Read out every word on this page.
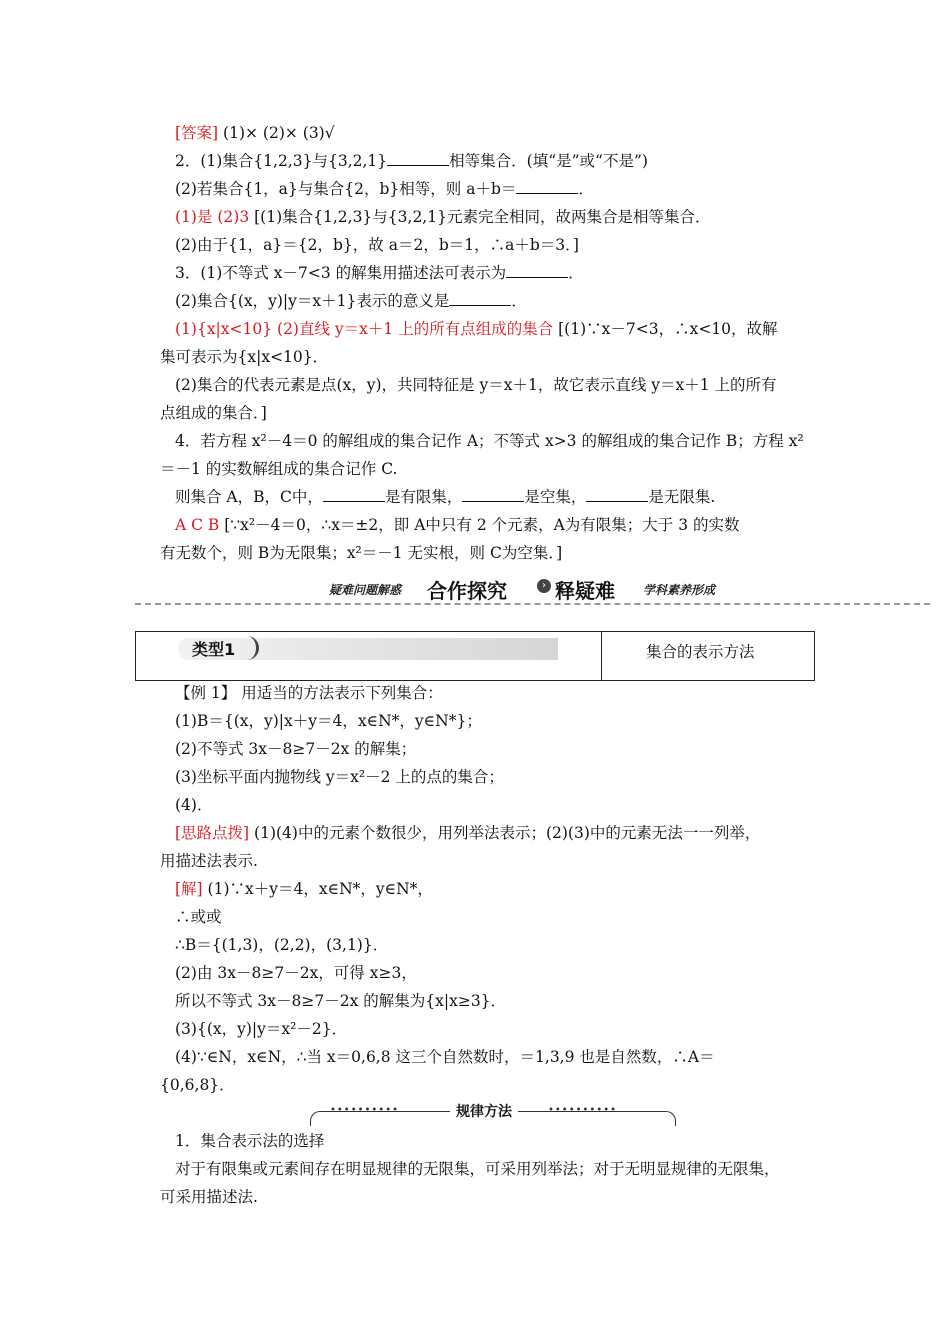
[答案] (1)× (2)× (3)√
2．(1)集合{1,2,3}与{3,2,1}	相等集合．(填“是”或“不是”)
(2)若集合{1，a}与集合{2，b}相等，则 a＋b＝	．
(1)是 (2)3 [(1)集合{1,2,3}与{3,2,1}元素完全相同，故两集合是相等集合．
(2)由于{1，a}＝{2，b}，故 a＝2，b＝1，∴a＋b＝3．]
3．(1)不等式 x－7<3 的解集用描述法可表示为	．
(2)集合{(x，y)|y＝x＋1}表示的意义是	．
(1){x|x<10} (2)直线 y＝x＋1 上的所有点组成的集合 [(1)∵x－7<3，∴x<10，故解
集可表示为{x|x<10}．
(2)集合的代表元素是点(x，y)，共同特征是 y＝x＋1，故它表示直线 y＝x＋1 上的所有
点组成的集合．]
4．若方程 x²－4＝0 的解组成的集合记作 A；不等式 x>3 的解组成的集合记作 B；方程 x²
＝－1 的实数解组成的集合记作 C.
则集合 A，B，C中，	是有限集，	是空集，	是无限集.
A C B [∵x²－4＝0，∴x＝±2，即 A中只有 2 个元素，A为有限集；大于 3 的实数
有无数个，则 B为无限集；x²＝－1 无实根，则 C为空集．]
疑难问题解惑 合作探究	› 释疑难 学科素养形成
类型1	集合的表示方法
【例 1】 用适当的方法表示下列集合：
(1)B＝{(x，y)|x＋y＝4，x∈N*，y∈N*}；
(2)不等式 3x－8≥7－2x 的解集；
(3)坐标平面内抛物线 y＝x²－2 上的点的集合；
(4)．
[思路点拨] (1)(4)中的元素个数很少，用列举法表示；(2)(3)中的元素无法一一列举，
用描述法表示.
[解] (1)∵x＋y＝4，x∈N*，y∈N*，
∴或或
∴B＝{(1,3)，(2,2)，(3,1)}．
(2)由 3x－8≥7－2x，可得 x≥3，
所以不等式 3x－8≥7－2x 的解集为{x|x≥3}．
(3){(x，y)|y＝x²－2}．
(4)∵∈N，x∈N，∴当 x＝0,6,8 这三个自然数时，＝1,3,9 也是自然数，∴A＝
{0,6,8}．
••••••••••	规律方法	••••••••••
1．集合表示法的选择
对于有限集或元素间存在明显规律的无限集，可采用列举法；对于无明显规律的无限集，
可采用描述法.
